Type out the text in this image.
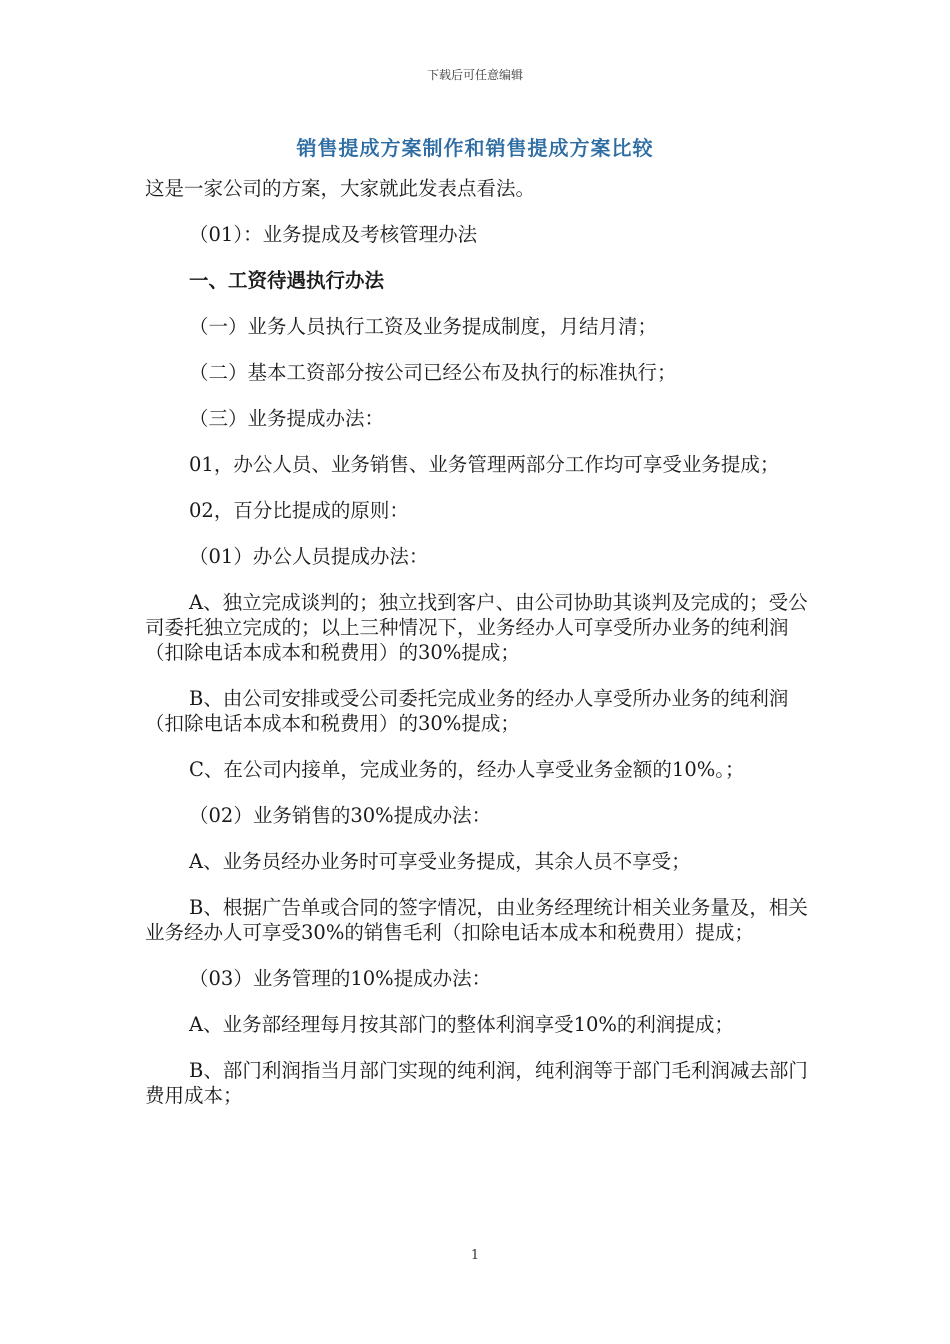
下载后可任意编辑
销售提成方案制作和销售提成方案比较

这是一家公司的方案，大家就此发表点看法。

（01）：业务提成及考核管理办法

一、工资待遇执行办法

（一）业务人员执行工资及业务提成制度，月结月清；

（二）基本工资部分按公司已经公布及执行的标准执行；

（三）业务提成办法：

01，办公人员、业务销售、业务管理两部分工作均可享受业务提成；

02，百分比提成的原则：

（01）办公人员提成办法：

A、独立完成谈判的；独立找到客户、由公司协助其谈判及完成的；受公司委托独立完成的；以上三种情况下，业务经办人可享受所办业务的纯利润（扣除电话本成本和税费用）的30%提成；

B、由公司安排或受公司委托完成业务的经办人享受所办业务的纯利润（扣除电话本成本和税费用）的30%提成；

C、在公司内接单，完成业务的，经办人享受业务金额的10%。；

（02）业务销售的30%提成办法：

A、业务员经办业务时可享受业务提成，其余人员不享受；

B、根据广告单或合同的签字情况，由业务经理统计相关业务量及，相关业务经办人可享受30%的销售毛利（扣除电话本成本和税费用）提成；

（03）业务管理的10%提成办法：

A、业务部经理每月按其部门的整体利润享受10%的利润提成；

B、部门利润指当月部门实现的纯利润，纯利润等于部门毛利润减去部门费用成本；

1
